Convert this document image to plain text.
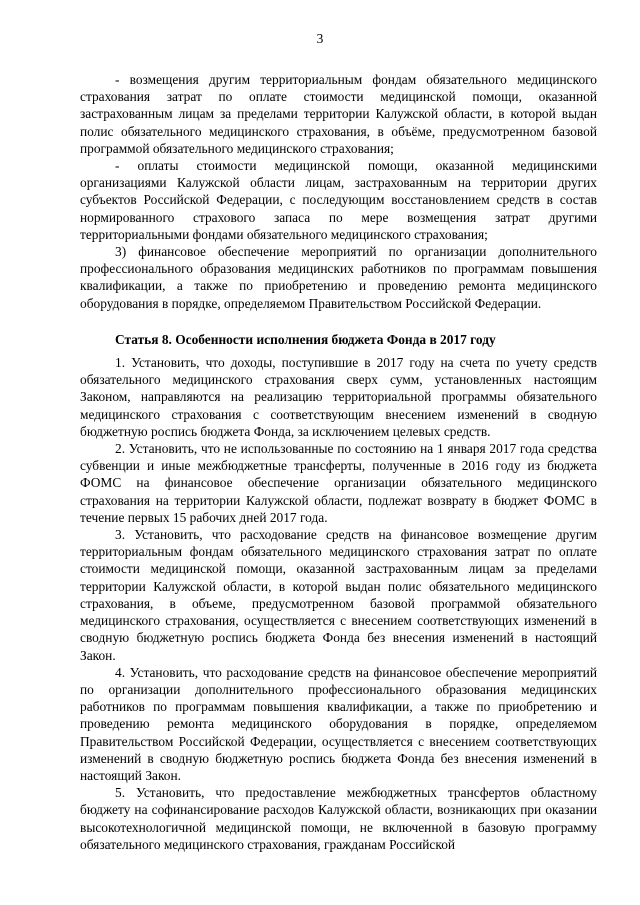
3

- возмещения другим территориальным фондам обязательного медицинского страхования затрат по оплате стоимости медицинской помощи, оказанной застрахованным лицам за пределами территории Калужской области, в которой выдан полис обязательного медицинского страхования, в объёме, предусмотренном базовой программой обязательного медицинского страхования;

- оплаты стоимости медицинской помощи, оказанной медицинскими организациями Калужской области лицам, застрахованным на территории других субъектов Российской Федерации, с последующим восстановлением средств в состав нормированного страхового запаса по мере возмещения затрат другими территориальными фондами обязательного медицинского страхования;

3) финансовое обеспечение мероприятий по организации дополнительного профессионального образования медицинских работников по программам повышения квалификации, а также по приобретению и проведению ремонта медицинского оборудования в порядке, определяемом Правительством Российской Федерации.

Статья 8. Особенности исполнения бюджета Фонда в 2017 году

1. Установить, что доходы, поступившие в 2017 году на счета по учету средств обязательного медицинского страхования сверх сумм, установленных настоящим Законом, направляются на реализацию территориальной программы обязательного медицинского страхования с соответствующим внесением изменений в сводную бюджетную роспись бюджета Фонда, за исключением целевых средств.

2. Установить, что не использованные по состоянию на 1 января 2017 года средства субвенции и иные межбюджетные трансферты, полученные в 2016 году из бюджета ФОМС на финансовое обеспечение организации обязательного медицинского страхования на территории Калужской области, подлежат возврату в бюджет ФОМС в течение первых 15 рабочих дней 2017 года.

3. Установить, что расходование средств на финансовое возмещение другим территориальным фондам обязательного медицинского страхования затрат по оплате стоимости медицинской помощи, оказанной застрахованным лицам за пределами территории Калужской области, в которой выдан полис обязательного медицинского страхования, в объеме, предусмотренном базовой программой обязательного медицинского страхования, осуществляется с внесением соответствующих изменений в сводную бюджетную роспись бюджета Фонда без внесения изменений в настоящий Закон.

4. Установить, что расходование средств на финансовое обеспечение мероприятий по организации дополнительного профессионального образования медицинских работников по программам повышения квалификации, а также по приобретению и проведению ремонта медицинского оборудования в порядке, определяемом Правительством Российской Федерации, осуществляется с внесением соответствующих изменений в сводную бюджетную роспись бюджета Фонда без внесения изменений в настоящий Закон.

5. Установить, что предоставление межбюджетных трансфертов областному бюджету на софинансирование расходов Калужской области, возникающих при оказании высокотехнологичной медицинской помощи, не включенной в базовую программу обязательного медицинского страхования, гражданам Российской
